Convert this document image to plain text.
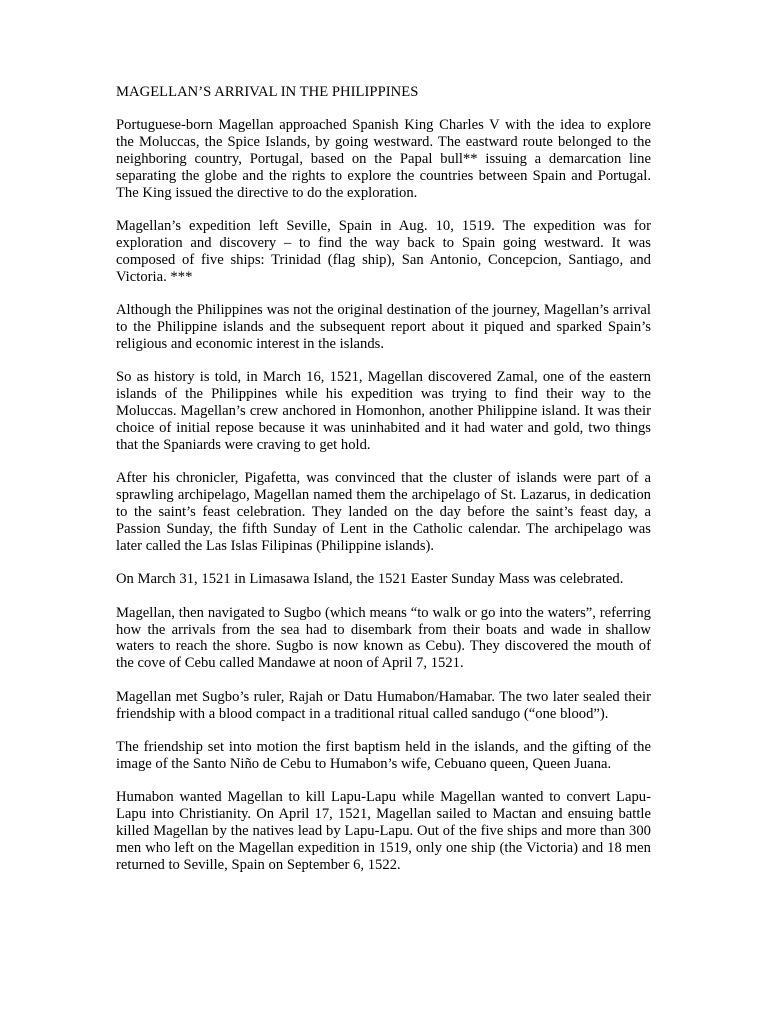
MAGELLAN’S ARRIVAL IN THE PHILIPPINES

Portuguese-born Magellan approached Spanish King Charles V with the idea to explore the Moluccas, the Spice Islands, by going westward. The eastward route belonged to the neighboring country, Portugal, based on the Papal bull** issuing a demarcation line separating the globe and the rights to explore the countries between Spain and Portugal. The King issued the directive to do the exploration.

Magellan’s expedition left Seville, Spain in Aug. 10, 1519. The expedition was for exploration and discovery – to find the way back to Spain going westward. It was composed of five ships: Trinidad (flag ship), San Antonio, Concepcion, Santiago, and Victoria. ***

Although the Philippines was not the original destination of the journey, Magellan’s arrival to the Philippine islands and the subsequent report about it piqued and sparked Spain’s religious and economic interest in the islands.

So as history is told, in March 16, 1521, Magellan discovered Zamal, one of the eastern islands of the Philippines while his expedition was trying to find their way to the Moluccas. Magellan’s crew anchored in Homonhon, another Philippine island. It was their choice of initial repose because it was uninhabited and it had water and gold, two things that the Spaniards were craving to get hold.

After his chronicler, Pigafetta, was convinced that the cluster of islands were part of a sprawling archipelago, Magellan named them the archipelago of St. Lazarus, in dedication to the saint’s feast celebration. They landed on the day before the saint’s feast day, a Passion Sunday, the fifth Sunday of Lent in the Catholic calendar. The archipelago was later called the Las Islas Filipinas (Philippine islands).

On March 31, 1521 in Limasawa Island, the 1521 Easter Sunday Mass was celebrated.

Magellan, then navigated to Sugbo (which means “to walk or go into the waters”, referring how the arrivals from the sea had to disembark from their boats and wade in shallow waters to reach the shore. Sugbo is now known as Cebu). They discovered the mouth of the cove of Cebu called Mandawe at noon of April 7, 1521.

Magellan met Sugbo’s ruler, Rajah or Datu Humabon/Hamabar. The two later sealed their friendship with a blood compact in a traditional ritual called sandugo (“one blood”).

The friendship set into motion the first baptism held in the islands, and the gifting of the image of the Santo Niño de Cebu to Humabon’s wife, Cebuano queen, Queen Juana.

Humabon wanted Magellan to kill Lapu-Lapu while Magellan wanted to convert Lapu-Lapu into Christianity. On April 17, 1521, Magellan sailed to Mactan and ensuing battle killed Magellan by the natives lead by Lapu-Lapu. Out of the five ships and more than 300 men who left on the Magellan expedition in 1519, only one ship (the Victoria) and 18 men returned to Seville, Spain on September 6, 1522.
